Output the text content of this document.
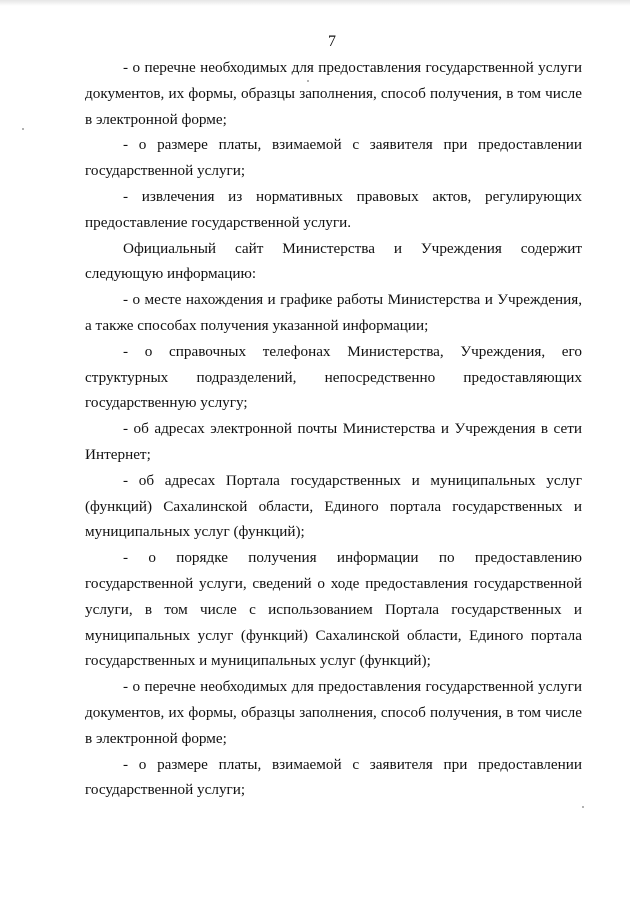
7

- о перечне необходимых для предоставления государственной услуги документов, их формы, образцы заполнения, способ получения, в том числе в электронной форме;

- о размере платы, взимаемой с заявителя при предоставлении государственной услуги;

- извлечения из нормативных правовых актов, регулирующих предоставление государственной услуги.

Официальный сайт Министерства и Учреждения содержит следующую информацию:

- о месте нахождения и графике работы Министерства и Учреждения, а также способах получения указанной информации;

- о справочных телефонах Министерства, Учреждения, его структурных подразделений, непосредственно предоставляющих государственную услугу;

- об адресах электронной почты Министерства и Учреждения в сети Интернет;

- об адресах Портала государственных и муниципальных услуг (функций) Сахалинской области, Единого портала государственных и муниципальных услуг (функций);

- о порядке получения информации по предоставлению государственной услуги, сведений о ходе предоставления государственной услуги, в том числе с использованием Портала государственных и муниципальных услуг (функций) Сахалинской области, Единого портала государственных и муниципальных услуг (функций);

- о перечне необходимых для предоставления государственной услуги документов, их формы, образцы заполнения, способ получения, в том числе в электронной форме;

- о размере платы, взимаемой с заявителя при предоставлении государственной услуги;
